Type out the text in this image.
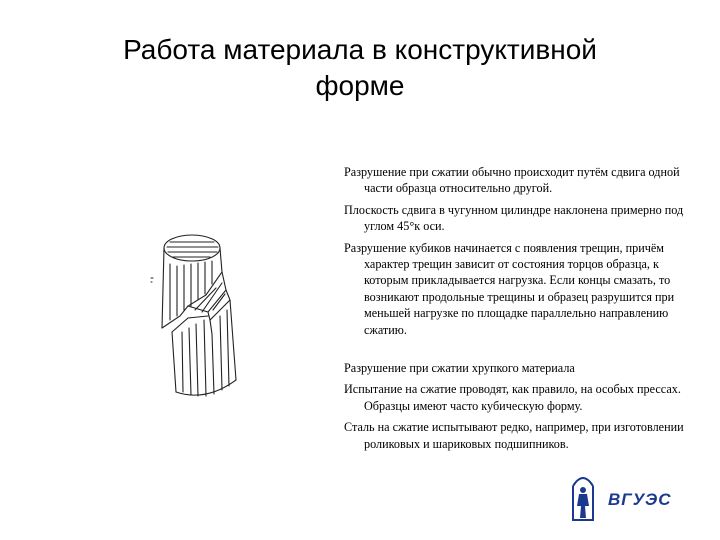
Работа материала в конструктивной
форме

Разрушение при сжатии обычно происходит путём сдвига одной части образца относительно другой.

Плоскость сдвига в чугунном цилиндре наклонена примерно под углом 45°к оси.

Разрушение кубиков начинается с появления трещин, причём характер трещин зависит от состояния торцов образца, к которым прикладывается нагрузка. Если концы смазать, то возникают продольные трещины и образец разрушится при меньшей нагрузке по площадке параллельно направлению сжатию.

Разрушение при сжатии хрупкого материала

Испытание на сжатие проводят, как правило, на особых прессах. Образцы имеют часто кубическую форму.

Сталь на сжатие испытывают редко, например, при изготовлении роликовых и шариковых подшипников.

ВГУЭС
